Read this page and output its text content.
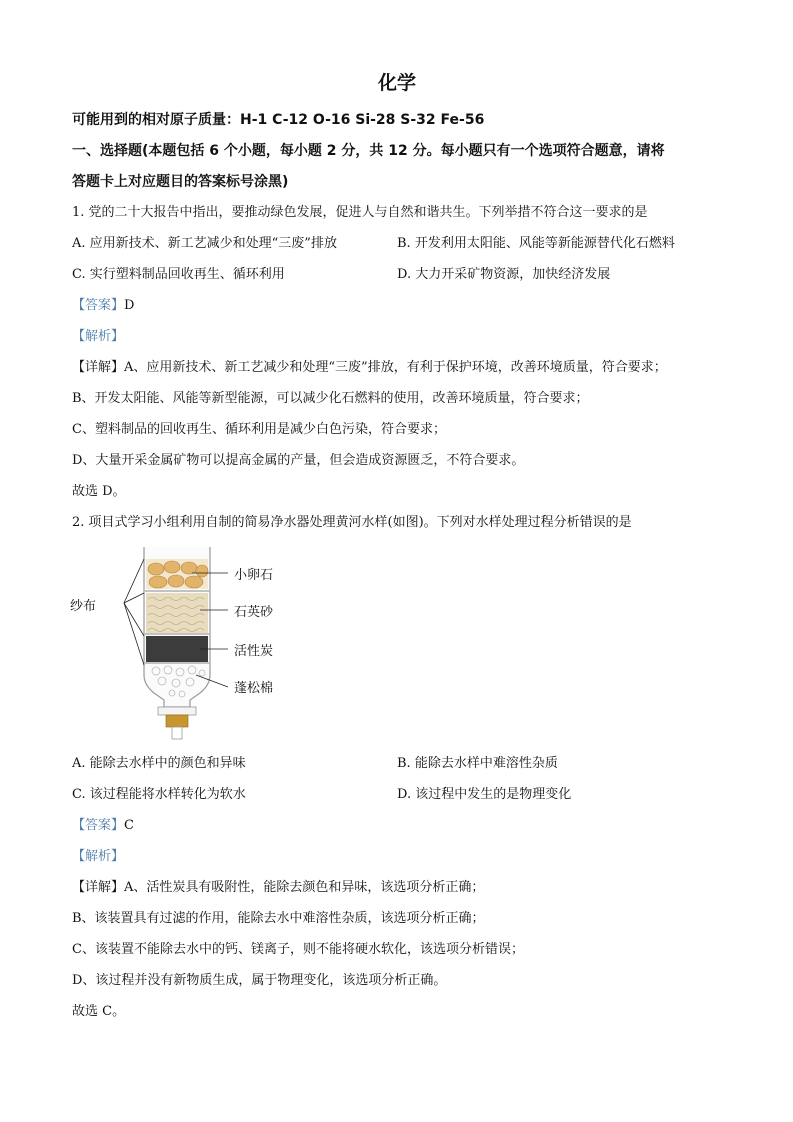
化学
可能用到的相对原子质量：H-1 C-12 O-16 Si-28 S-32 Fe-56
一、选择题(本题包括 6 个小题，每小题 2 分，共 12 分。每小题只有一个选项符合题意，请将
答题卡上对应题目的答案标号涂黑)
1. 党的二十大报告中指出，要推动绿色发展，促进人与自然和谐共生。下列举措不符合这一要求的是
A. 应用新技术、新工艺减少和处理“三废”排放	B. 开发利用太阳能、风能等新能源替代化石燃料
C. 实行塑料制品回收再生、循环利用	D. 大力开采矿物资源，加快经济发展
【答案】D
【解析】
【详解】A、应用新技术、新工艺减少和处理“三废”排放，有利于保护环境，改善环境质量，符合要求；
B、开发太阳能、风能等新型能源，可以减少化石燃料的使用，改善环境质量，符合要求；
C、塑料制品的回收再生、循环利用是减少白色污染，符合要求；
D、大量开采金属矿物可以提高金属的产量，但会造成资源匮乏，不符合要求。
故选 D。
2. 项目式学习小组利用自制的简易净水器处理黄河水样(如图)。下列对水样处理过程分析错误的是
纱布
小卵石
石英砂
活性炭
蓬松棉
A. 能除去水样中的颜色和异味	B. 能除去水样中难溶性杂质
C. 该过程能将水样转化为软水	D. 该过程中发生的是物理变化
【答案】C
【解析】
【详解】A、活性炭具有吸附性，能除去颜色和异味，该选项分析正确；
B、该装置具有过滤的作用，能除去水中难溶性杂质，该选项分析正确；
C、该装置不能除去水中的钙、镁离子，则不能将硬水软化，该选项分析错误；
D、该过程并没有新物质生成，属于物理变化，该选项分析正确。
故选 C。
